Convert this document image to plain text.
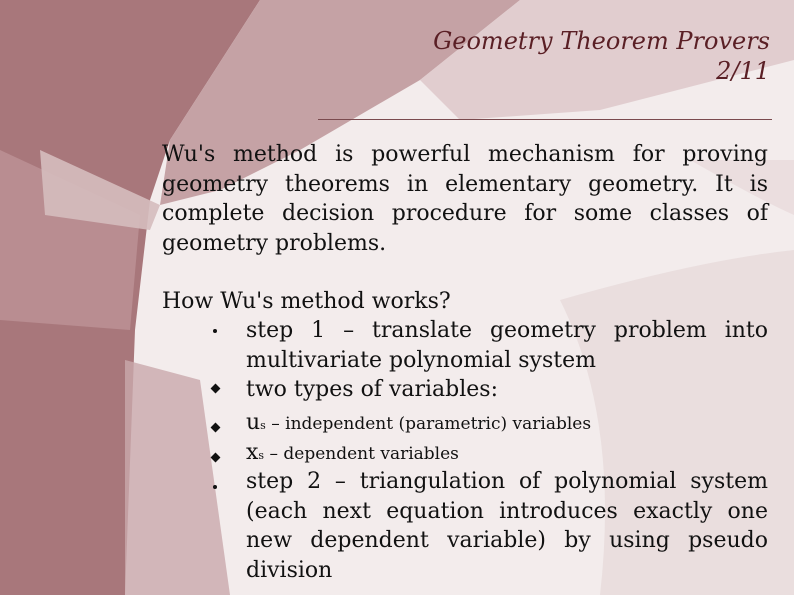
Geometry Theorem Provers
2/11
Wu's method is powerful mechanism for proving geometry theorems in elementary geometry. It is complete decision procedure for some classes of geometry problems.
How Wu's method works?
step 1 – translate geometry problem into multivariate polynomial system
two types of variables:
us – independent (parametric) variables
xs – dependent variables
step 2 – triangulation of polynomial system (each next equation introduces exactly one new dependent variable) by using pseudo division
